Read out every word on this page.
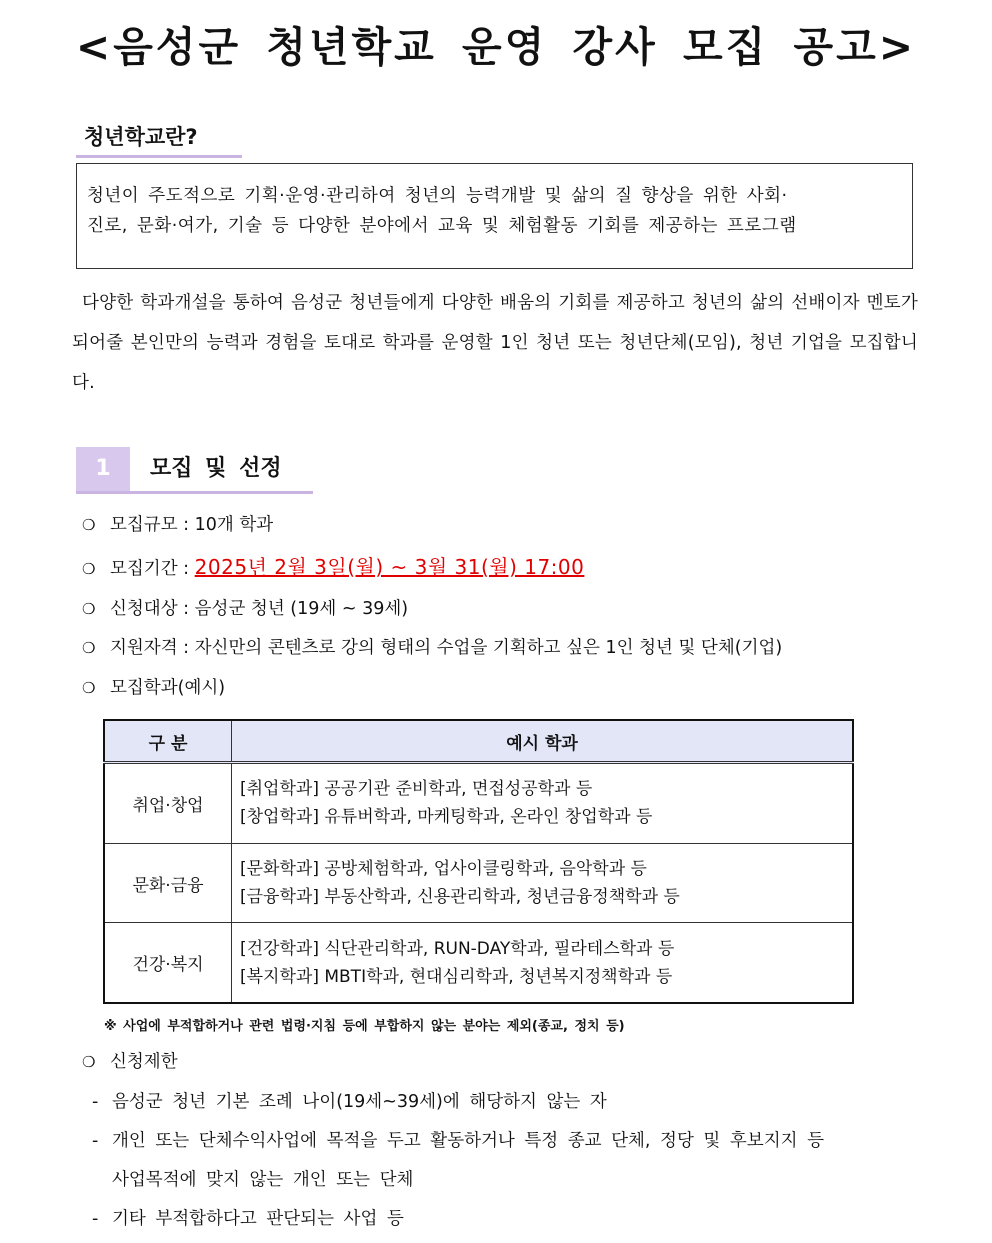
<음성군 청년학교 운영 강사 모집 공고>
청년학교란?
청년이 주도적으로 기획·운영·관리하여 청년의 능력개발 및 삶의 질 향상을 위한 사회·
진로, 문화·여가, 기술 등 다양한 분야에서 교육 및 체험활동 기회를 제공하는 프로그램
다양한 학과개설을 통하여 음성군 청년들에게 다양한 배움의 기회를 제공하고 청년의 삶의 선배이자 멘토가 되어줄 본인만의 능력과 경험을 토대로 학과를 운영할 1인 청년 또는 청년단체(모임), 청년 기업을 모집합니다.
1	모집 및 선정
❍ 모집규모 : 10개 학과
❍ 모집기간 : 2025년 2월 3일(월) ~ 3월 31(월) 17:00
❍ 신청대상 : 음성군 청년 (19세 ~ 39세)
❍ 지원자격 : 자신만의 콘텐츠로 강의 형태의 수업을 기획하고 싶은 1인 청년 및 단체(기업)
❍ 모집학과(예시)
구 분	예시 학과
취업·창업	[취업학과] 공공기관 준비학과, 면접성공학과 등
[창업학과] 유튜버학과, 마케팅학과, 온라인 창업학과 등

문화·금융	[문화학과] 공방체험학과, 업사이클링학과, 음악학과 등
[금융학과] 부동산학과, 신용관리학과, 청년금융정책학과 등

건강·복지	[건강학과] 식단관리학과, RUN-DAY학과, 필라테스학과 등
[복지학과] MBTI학과, 현대심리학과, 청년복지정책학과 등
※ 사업에 부적합하거나 관련 법령·지침 등에 부합하지 않는 분야는 제외(종교, 정치 등)
❍ 신청제한
- 음성군 청년 기본 조례 나이(19세~39세)에 해당하지 않는 자
- 개인 또는 단체수익사업에 목적을 두고 활동하거나 특정 종교 단체, 정당 및 후보지지 등
사업목적에 맞지 않는 개인 또는 단체
- 기타 부적합하다고 판단되는 사업 등
